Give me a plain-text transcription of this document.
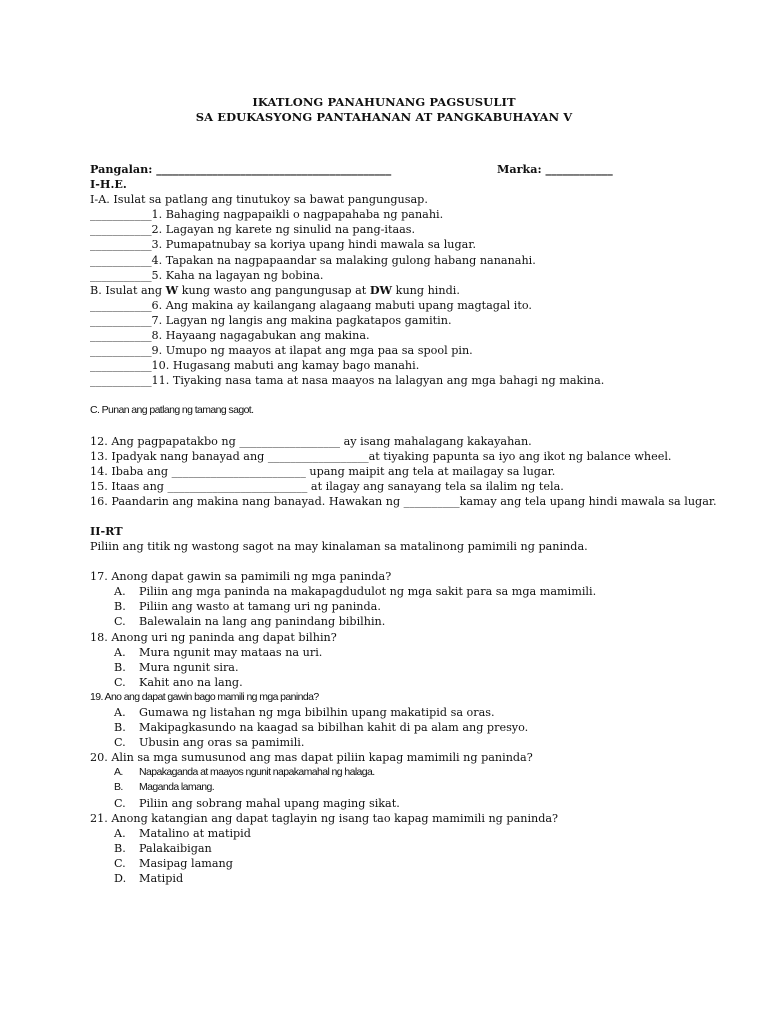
IKATLONG PANAHUNANG PAGSUSULIT
SA EDUKASYONG PANTAHANAN AT PANGKABUHAYAN V
Pangalan: __________________________________________	Marka: ____________
I-H.E.
I-A. Isulat sa patlang ang tinutukoy sa bawat pangungusap.
___________1. Bahaging nagpapaikli o nagpapahaba ng panahi.
___________2. Lagayan ng karete ng sinulid na pang-itaas.
___________3. Pumapatnubay sa koriya upang hindi mawala sa lugar.
___________4. Tapakan na nagpapaandar sa malaking gulong habang nananahi.
___________5. Kaha na lagayan ng bobina.
B. Isulat ang W kung wasto ang pangungusap at DW kung hindi.
___________6. Ang makina ay kailangang alagaang mabuti upang magtagal ito.
___________7. Lagyan ng langis ang makina pagkatapos gamitin.
___________8. Hayaang nagagabukan ang makina.
___________9. Umupo ng maayos at ilapat ang mga paa sa spool pin.
___________10. Hugasang mabuti ang kamay bago manahi.
___________11. Tiyaking nasa tama at nasa maayos na lalagyan ang mga bahagi ng makina.
C. Punan ang patlang ng tamang sagot.
12. Ang pagpapatakbo ng __________________ ay isang mahalagang kakayahan.
13. Ipadyak nang banayad ang __________________at tiyaking papunta sa iyo ang ikot ng balance wheel.
14. Ibaba ang ________________________ upang maipit ang tela at mailagay sa lugar.
15. Itaas ang _________________________ at ilagay ang sanayang tela sa ilalim ng tela.
16. Paandarin ang makina nang banayad. Hawakan ng __________kamay ang tela upang hindi mawala sa lugar.
II-RT
Piliin ang titik ng wastong sagot na may kinalaman sa matalinong pamimili ng paninda.
17. Anong dapat gawin sa pamimili ng mga paninda?
A. Piliin ang mga paninda na makapagdudulot ng mga sakit para sa mga mamimili.
B. Piliin ang wasto at tamang uri ng paninda.
C. Balewalain na lang ang panindang bibilhin.
18. Anong uri ng paninda ang dapat bilhin?
A. Mura ngunit may mataas na uri.
B. Mura ngunit sira.
C. Kahit ano na lang.
19. Ano ang dapat gawin bago mamili ng mga paninda?
A. Gumawa ng listahan ng mga bibilhin upang makatipid sa oras.
B. Makipagkasundo na kaagad sa bibilhan kahit di pa alam ang presyo.
C. Ubusin ang oras sa pamimili.
20. Alin sa mga sumusunod ang mas dapat piliin kapag mamimili ng paninda?
A. Napakaganda at maayos ngunit napakamahal ng halaga.
B. Maganda lamang.
C. Piliin ang sobrang mahal upang maging sikat.
21. Anong katangian ang dapat taglayin ng isang tao kapag mamimili ng paninda?
A. Matalino at matipid
B. Palakaibigan
C. Masipag lamang
D. Matipid
